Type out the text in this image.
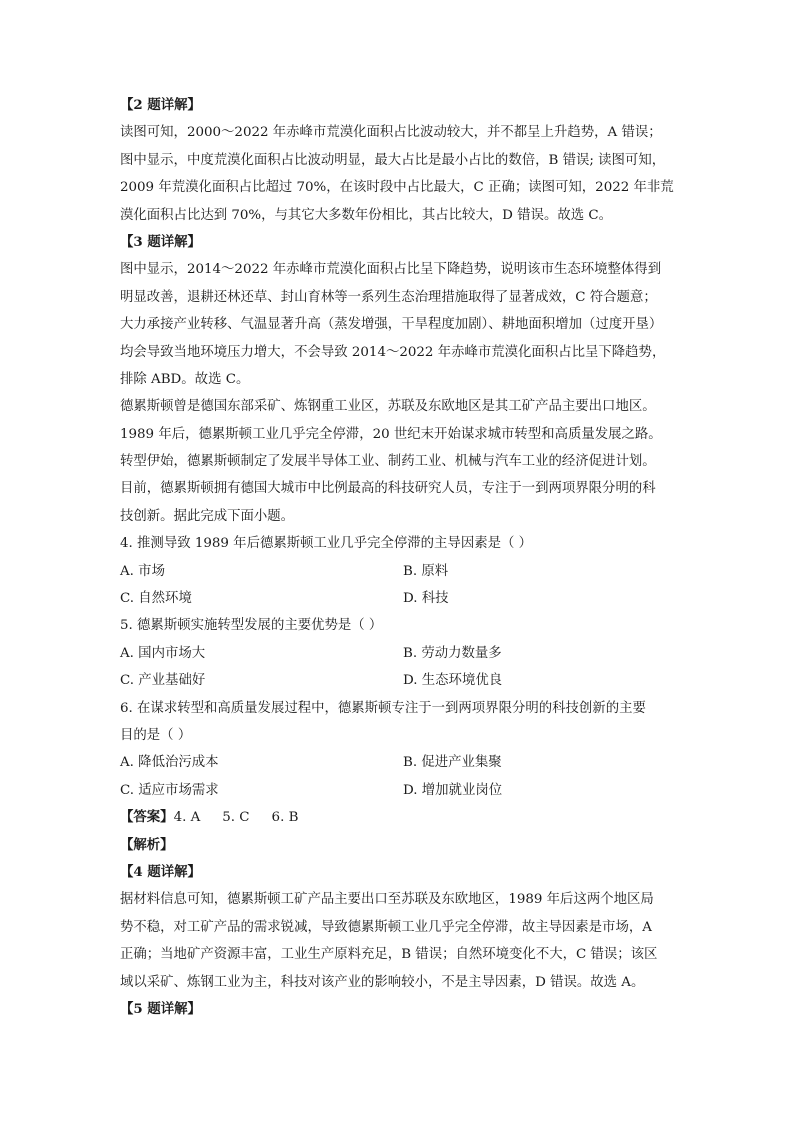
【2 题详解】
读图可知，2000～2022 年赤峰市荒漠化面积占比波动较大，并不都呈上升趋势，A 错误；
图中显示，中度荒漠化面积占比波动明显，最大占比是最小占比的数倍，B 错误; 读图可知，
2009 年荒漠化面积占比超过 70%，在该时段中占比最大，C 正确；读图可知，2022 年非荒
漠化面积占比达到 70%，与其它大多数年份相比，其占比较大，D 错误。故选 C。
【3 题详解】
图中显示，2014～2022 年赤峰市荒漠化面积占比呈下降趋势，说明该市生态环境整体得到
明显改善，退耕还林还草、封山育林等一系列生态治理措施取得了显著成效，C 符合题意；
大力承接产业转移、气温显著升高（蒸发增强，干旱程度加剧）、耕地面积增加（过度开垦）
均会导致当地环境压力增大，不会导致 2014～2022 年赤峰市荒漠化面积占比呈下降趋势，
排除 ABD。故选 C。
德累斯顿曾是德国东部采矿、炼钢重工业区，苏联及东欧地区是其工矿产品主要出口地区。
1989 年后，德累斯顿工业几乎完全停滞，20 世纪末开始谋求城市转型和高质量发展之路。
转型伊始，德累斯顿制定了发展半导体工业、制药工业、机械与汽车工业的经济促进计划。
目前，德累斯顿拥有德国大城市中比例最高的科技研究人员，专注于一到两项界限分明的科
技创新。据此完成下面小题。
4. 推测导致 1989 年后德累斯顿工业几乎完全停滞的主导因素是（ ）
A. 市场	B. 原料
C. 自然环境	D. 科技
5. 德累斯顿实施转型发展的主要优势是（ ）
A. 国内市场大	B. 劳动力数量多
C. 产业基础好	D. 生态环境优良
6. 在谋求转型和高质量发展过程中，德累斯顿专注于一到两项界限分明的科技创新的主要
目的是（ ）
A. 降低治污成本	B. 促进产业集聚
C. 适应市场需求	D. 增加就业岗位
【答案】4. A 5. C 6. B
【解析】
【4 题详解】
据材料信息可知，德累斯顿工矿产品主要出口至苏联及东欧地区，1989 年后这两个地区局
势不稳，对工矿产品的需求锐减，导致德累斯顿工业几乎完全停滞，故主导因素是市场，A
正确；当地矿产资源丰富，工业生产原料充足，B 错误；自然环境变化不大，C 错误；该区
域以采矿、炼钢工业为主，科技对该产业的影响较小，不是主导因素，D 错误。故选 A。
【5 题详解】
